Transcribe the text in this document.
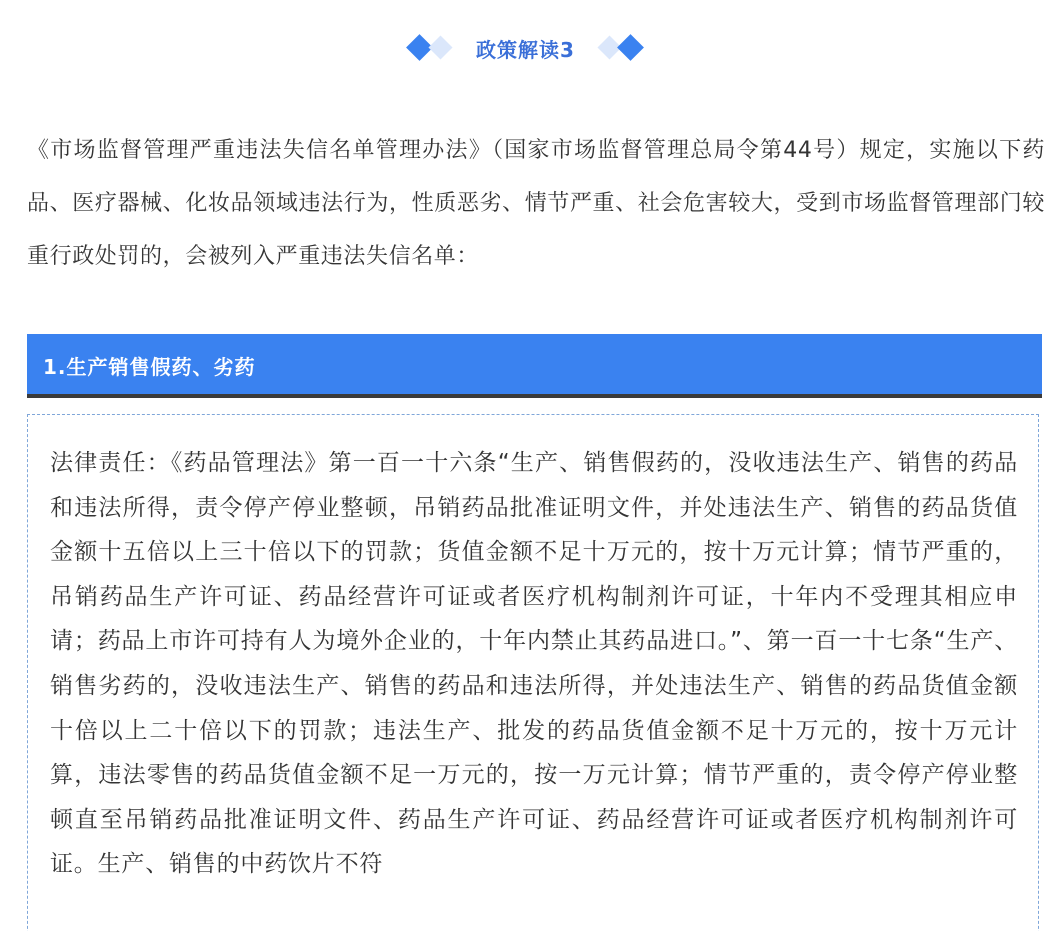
政策解读3

《市场监督管理严重违法失信名单管理办法》（国家市场监督管理总局令第44号）规定，实施以下药品、医疗器械、化妆品领域违法行为，性质恶劣、情节严重、社会危害较大，受到市场监督管理部门较重行政处罚的，会被列入严重违法失信名单：

1.生产销售假药、劣药

法律责任：《药品管理法》第一百一十六条“生产、销售假药的，没收违法生产、销售的药品和违法所得，责令停产停业整顿，吊销药品批准证明文件，并处违法生产、销售的药品货值金额十五倍以上三十倍以下的罚款；货值金额不足十万元的，按十万元计算；情节严重的，吊销药品生产许可证、药品经营许可证或者医疗机构制剂许可证，十年内不受理其相应申请；药品上市许可持有人为境外企业的，十年内禁止其药品进口。”、第一百一十七条“生产、销售劣药的，没收违法生产、销售的药品和违法所得，并处违法生产、销售的药品货值金额十倍以上二十倍以下的罚款；违法生产、批发的药品货值金额不足十万元的，按十万元计算，违法零售的药品货值金额不足一万元的，按一万元计算；情节严重的，责令停产停业整顿直至吊销药品批准证明文件、药品生产许可证、药品经营许可证或者医疗机构制剂许可证。生产、销售的中药饮片不符
